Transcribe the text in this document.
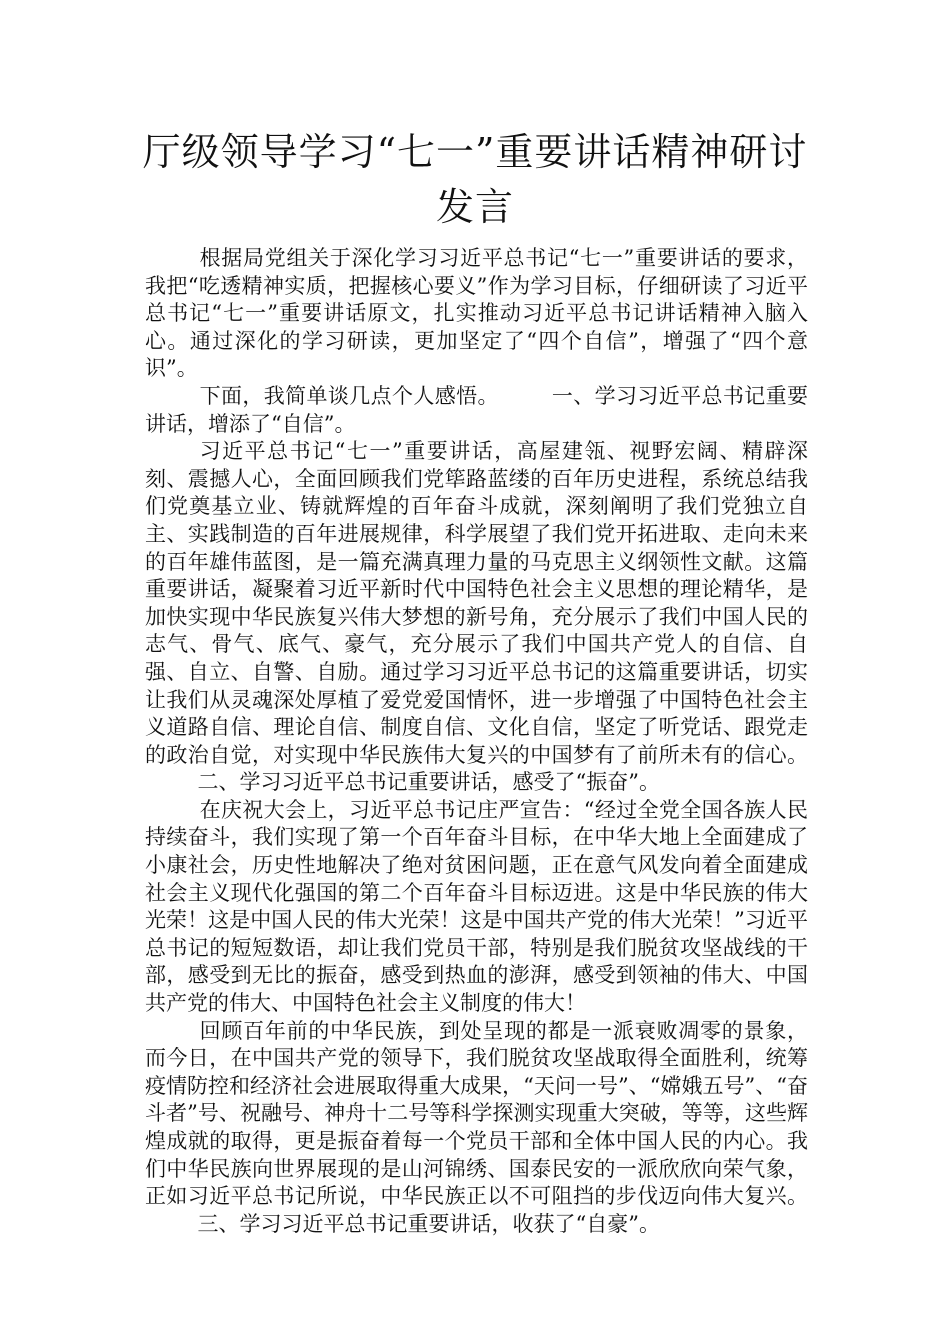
厅级领导学习“七一”重要讲话精神研讨发言

根据局党组关于深化学习习近平总书记“七一”重要讲话的要求，我把“吃透精神实质，把握核心要义”作为学习目标，仔细研读了习近平总书记“七一”重要讲话原文，扎实推动习近平总书记讲话精神入脑入心。通过深化的学习研读，更加坚定了“四个自信”，增强了“四个意识”。

下面，我简单谈几点个人感悟。	一、学习习近平总书记重要讲话，增添了“自信”。

习近平总书记“七一”重要讲话，高屋建瓴、视野宏阔、精辟深刻、震撼人心，全面回顾我们党筚路蓝缕的百年历史进程，系统总结我们党奠基立业、铸就辉煌的百年奋斗成就，深刻阐明了我们党独立自主、实践制造的百年进展规律，科学展望了我们党开拓进取、走向未来的百年雄伟蓝图，是一篇充满真理力量的马克思主义纲领性文献。这篇重要讲话，凝聚着习近平新时代中国特色社会主义思想的理论精华，是加快实现中华民族复兴伟大梦想的新号角，充分展示了我们中国人民的志气、骨气、底气、豪气，充分展示了我们中国共产党人的自信、自强、自立、自警、自励。通过学习习近平总书记的这篇重要讲话，切实让我们从灵魂深处厚植了爱党爱国情怀，进一步增强了中国特色社会主义道路自信、理论自信、制度自信、文化自信，坚定了听党话、跟党走的政治自觉，对实现中华民族伟大复兴的中国梦有了前所未有的信心。二、学习习近平总书记重要讲话，感受了“振奋”。

在庆祝大会上，习近平总书记庄严宣告：“经过全党全国各族人民持续奋斗，我们实现了第一个百年奋斗目标，在中华大地上全面建成了小康社会，历史性地解决了绝对贫困问题，正在意气风发向着全面建成社会主义现代化强国的第二个百年奋斗目标迈进。这是中华民族的伟大光荣！这是中国人民的伟大光荣！这是中国共产党的伟大光荣！”习近平总书记的短短数语，却让我们党员干部，特别是我们脱贫攻坚战线的干部，感受到无比的振奋，感受到热血的澎湃，感受到领袖的伟大、中国共产党的伟大、中国特色社会主义制度的伟大！

回顾百年前的中华民族，到处呈现的都是一派衰败凋零的景象，而今日，在中国共产党的领导下，我们脱贫攻坚战取得全面胜利，统筹疫情防控和经济社会进展取得重大成果，“天问一号”、“嫦娥五号”、“奋斗者”号、祝融号、神舟十二号等科学探测实现重大突破，等等，这些辉煌成就的取得，更是振奋着每一个党员干部和全体中国人民的内心。我们中华民族向世界展现的是山河锦绣、国泰民安的一派欣欣向荣气象，正如习近平总书记所说，中华民族正以不可阻挡的步伐迈向伟大复兴。三、学习习近平总书记重要讲话，收获了“自豪”。
